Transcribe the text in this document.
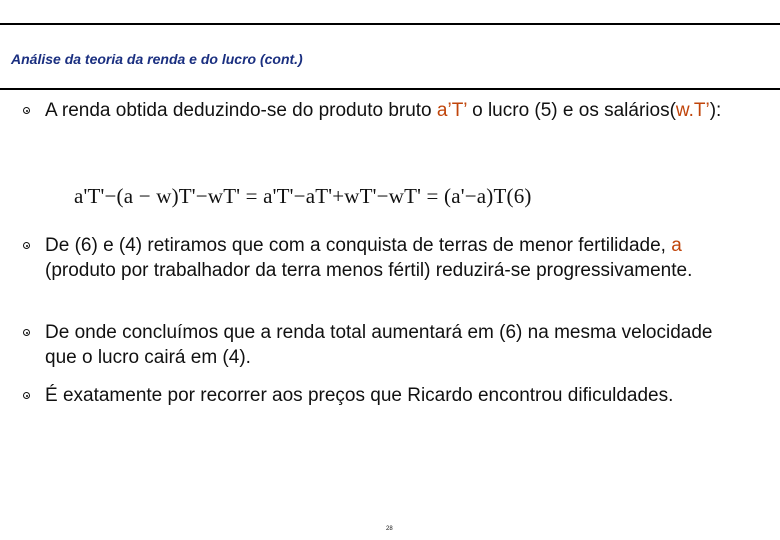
Análise da teoria da renda e do lucro (cont.)
A renda obtida deduzindo-se do produto bruto a’T’ o lucro (5) e os salários(w.T’):
a'T'−(a − w)T'−wT' = a'T'−aT'+wT'−wT' = (a'−a)T(6)
De (6) e (4) retiramos que com a conquista de terras de menor fertilidade, a (produto por trabalhador da terra menos fértil) reduzirá-se progressivamente.
De onde concluímos que a renda total aumentará em (6) na mesma velocidade que o lucro cairá em (4).
É exatamente por recorrer aos preços que Ricardo encontrou dificuldades.
28
